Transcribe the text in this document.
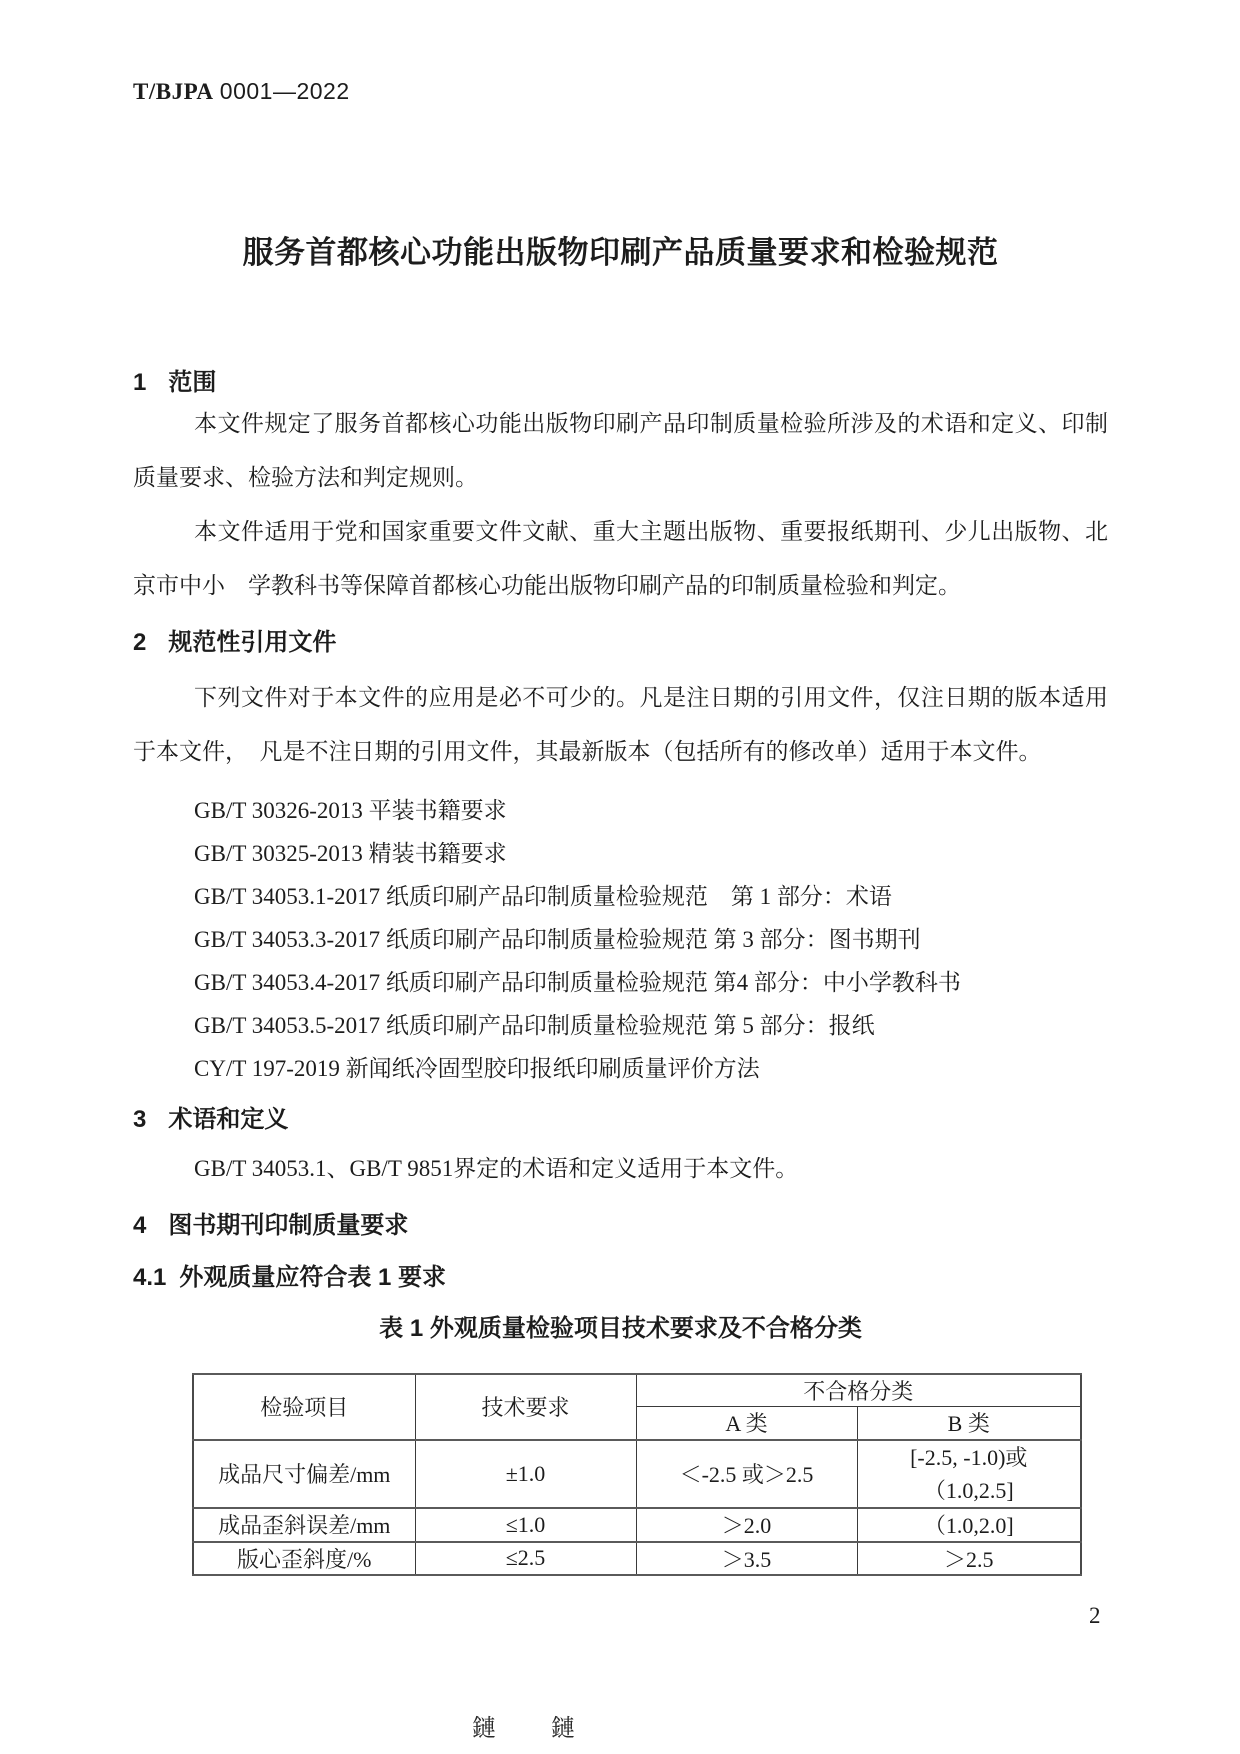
T/BJPA 0001—2022
服务首都核心功能出版物印刷产品质量要求和检验规范
1 范围

本文件规定了服务首都核心功能出版物印刷产品印制质量检验所涉及的术语和定义、印制质量要求、检验方法和判定规则。

本文件适用于党和国家重要文件文献、重大主题出版物、重要报纸期刊、少儿出版物、北京市中小　学教科书等保障首都核心功能出版物印刷产品的印制质量检验和判定。

2 规范性引用文件

下列文件对于本文件的应用是必不可少的。凡是注日期的引用文件，仅注日期的版本适用于本文件，　凡是不注日期的引用文件，其最新版本（包括所有的修改单）适用于本文件。

GB/T 30326-2013 平装书籍要求
GB/T 30325-2013 精装书籍要求
GB/T 34053.1-2017 纸质印刷产品印制质量检验规范　第 1 部分：术语
GB/T 34053.3-2017 纸质印刷产品印制质量检验规范 第 3 部分：图书期刊
GB/T 34053.4-2017 纸质印刷产品印制质量检验规范 第4 部分：中小学教科书
GB/T 34053.5-2017 纸质印刷产品印制质量检验规范 第 5 部分：报纸
CY/T 197-2019 新闻纸冷固型胶印报纸印刷质量评价方法
3 术语和定义

GB/T 34053.1、GB/T 9851界定的术语和定义适用于本文件。

4 图书期刊印制质量要求
4.1 外观质量应符合表 1 要求
表 1 外观质量检验项目技术要求及不合格分类
检验项目	技术要求	不合格分类	
		A 类	B 类
成品尺寸偏差/mm	±1.0	＜-2.5 或＞2.5	[-2.5, -1.0)或
（1.0,2.5]

成品歪斜误差/mm	≤1.0	＞2.0	（1.0,2.0]
版心歪斜度/%	≤2.5	＞3.5	＞2.5
2
鏈 鏈
